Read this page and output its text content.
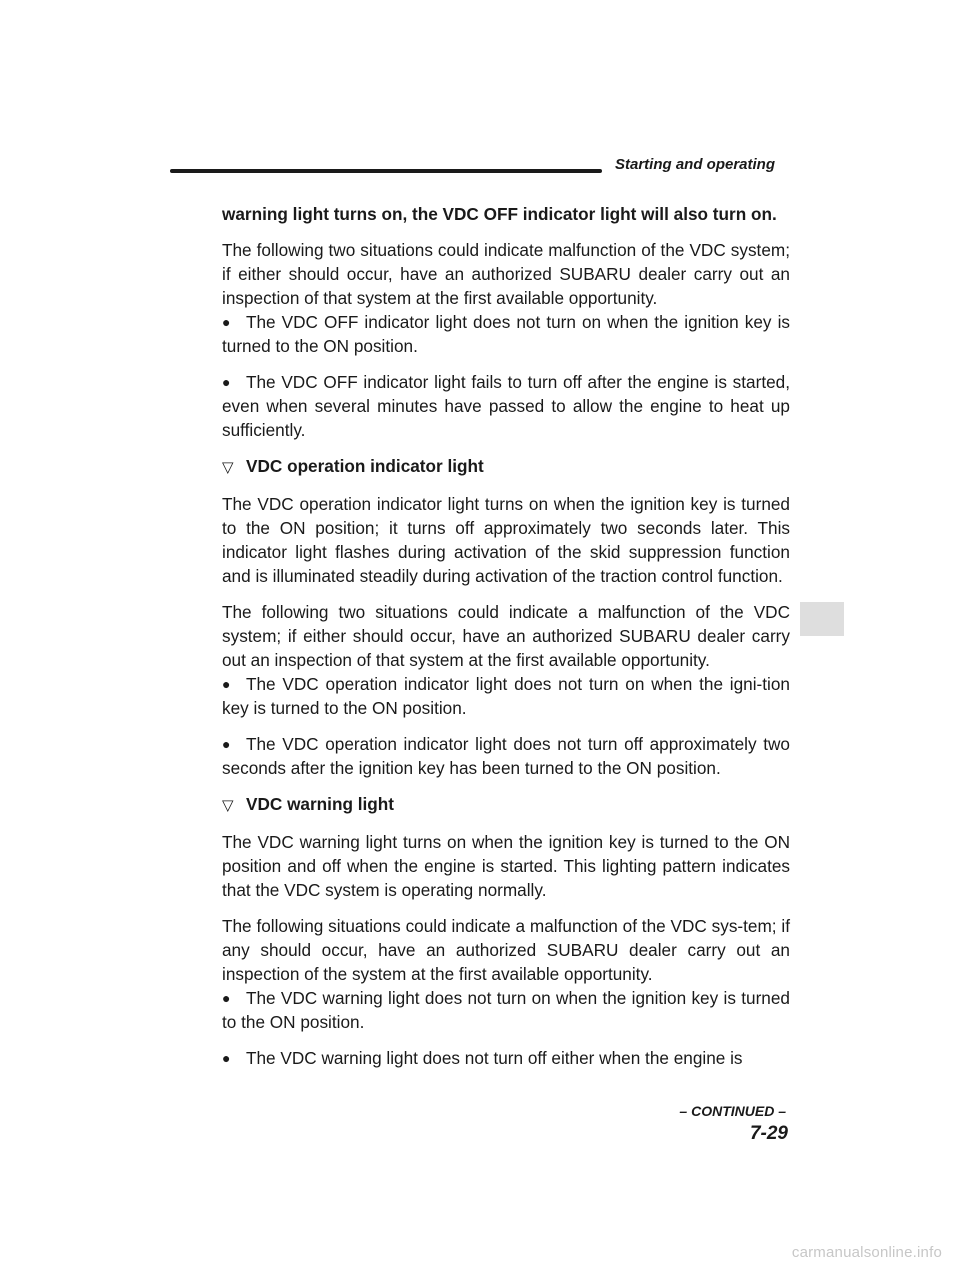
Starting and operating

warning light turns on, the VDC OFF indicator light will also turn on.

The following two situations could indicate malfunction of the VDC system; if either should occur, have an authorized SUBARU dealer carry out an inspection of that system at the first available opportunity.

● The VDC OFF indicator light does not turn on when the ignition key is turned to the ON position.

● The VDC OFF indicator light fails to turn off after the engine is started, even when several minutes have passed to allow the engine to heat up sufficiently.

▽ VDC operation indicator light

The VDC operation indicator light turns on when the ignition key is turned to the ON position; it turns off approximately two seconds later. This indicator light flashes during activation of the skid suppression function and is illuminated steadily during activation of the traction control function.

The following two situations could indicate a malfunction of the VDC system; if either should occur, have an authorized SUBARU dealer carry out an inspection of that system at the first available opportunity.

● The VDC operation indicator light does not turn on when the igni-tion key is turned to the ON position.

● The VDC operation indicator light does not turn off approximately two seconds after the ignition key has been turned to the ON position.

▽ VDC warning light

The VDC warning light turns on when the ignition key is turned to the ON position and off when the engine is started. This lighting pattern indicates that the VDC system is operating normally.

The following situations could indicate a malfunction of the VDC sys-tem; if any should occur, have an authorized SUBARU dealer carry out an inspection of the system at the first available opportunity.

● The VDC warning light does not turn on when the ignition key is turned to the ON position.

● The VDC warning light does not turn off either when the engine is

– CONTINUED –
7-29
carmanualsonline.info
